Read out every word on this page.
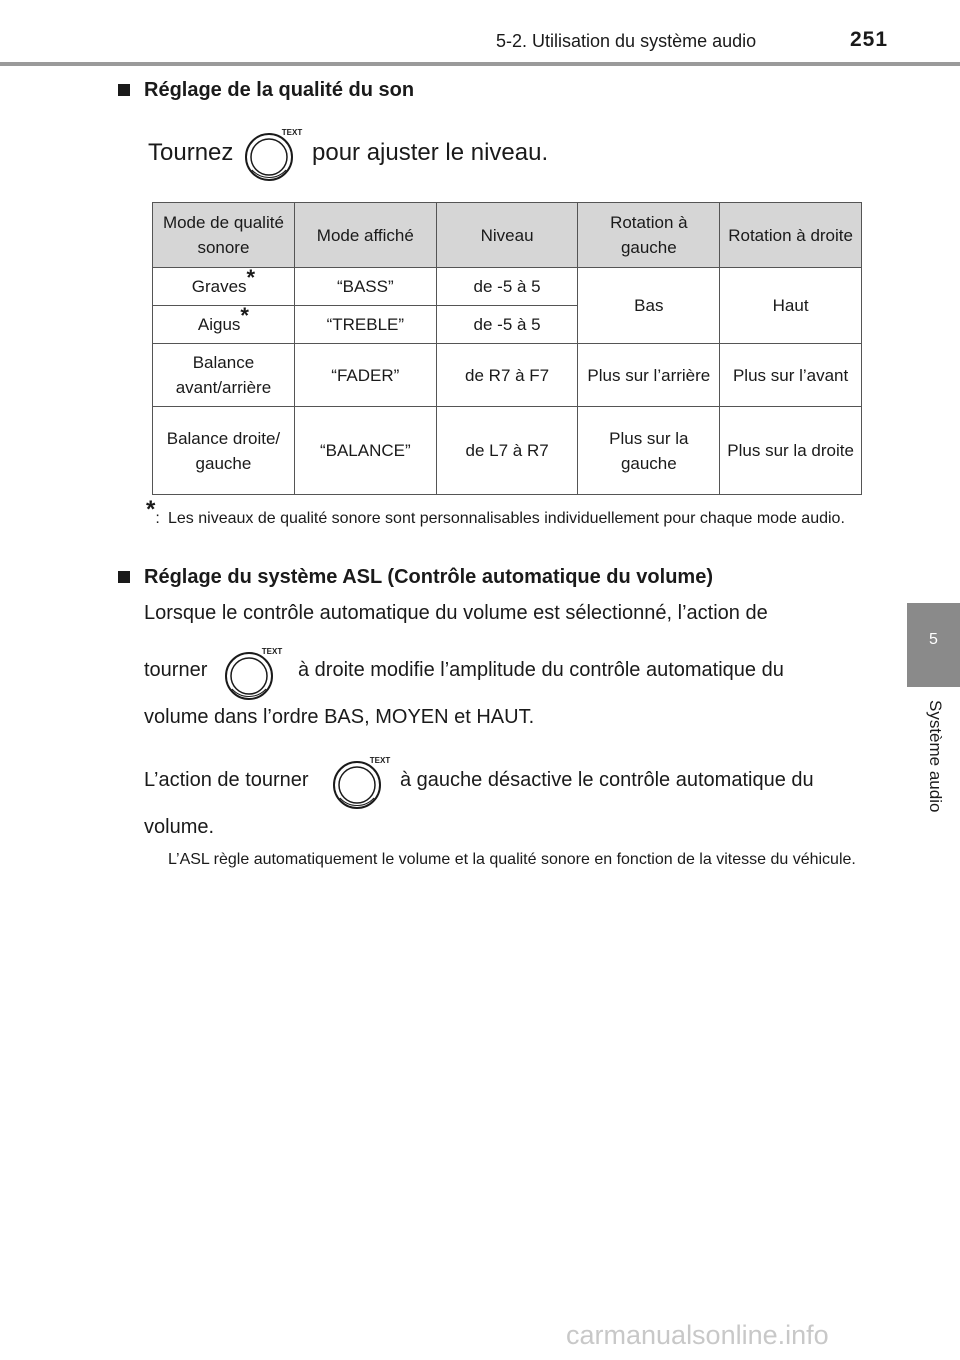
5-2. Utilisation du système audio	251
5
Système audio
Réglage de la qualité du son
Tournez	pour ajuster le niveau.
TEXT
Mode de qualité sonore	Mode affiché	Niveau	Rotation à gauche	Rotation à droite
Graves*	“BASS”	de -5 à 5	Bas	Haut
Aigus*	“TREBLE”	de -5 à 5		
Balance avant/arrière	“FADER”	de R7 à F7	Plus sur l’arrière	Plus sur l’avant
Balance droite/ gauche	“BALANCE”	de L7 à R7	Plus sur la gauche	Plus sur la droite
*: Les niveaux de qualité sonore sont personnalisables individuellement pour chaque mode audio.
Réglage du système ASL (Contrôle automatique du volume)
Lorsque le contrôle automatique du volume est sélectionné, l’action de
tourner	à droite modifie l’amplitude du contrôle automatique du
TEXT
volume dans l’ordre BAS, MOYEN et HAUT.
L’action de tourner	à gauche désactive le contrôle automatique du
TEXT
volume.
L’ASL règle automatiquement le volume et la qualité sonore en fonction de la vitesse du véhicule.
carmanualsonline.info
